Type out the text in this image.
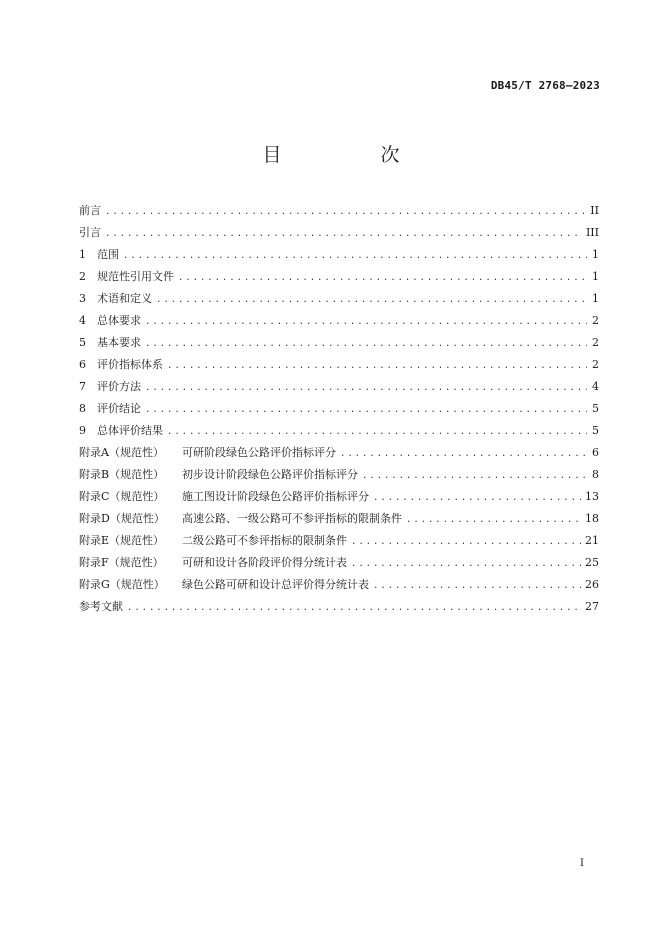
DB45/T 2768—2023
目　次
前言 .....	II
引言 .....	III
1	范围 .....	1
2	规范性引用文件 .....	1
3	术语和定义 .....	1
4	总体要求 .....	2
5	基本要求 .....	2
6	评价指标体系 .....	2
7	评价方法 .....	4
8	评价结论 .....	5
9	总体评价结果 .....	5
附录A（规范性）	可研阶段绿色公路评价指标评分 .....	6
附录B（规范性）	初步设计阶段绿色公路评价指标评分 .....	8
附录C（规范性）	施工图设计阶段绿色公路评价指标评分 .....	13
附录D（规范性）	高速公路、一级公路可不参评指标的限制条件 .....	18
附录E（规范性）	二级公路可不参评指标的限制条件 .....	21
附录F（规范性）	可研和设计各阶段评价得分统计表 .....	25
附录G（规范性）	绿色公路可研和设计总评价得分统计表 .....	26
参考文献 .....	27
I
